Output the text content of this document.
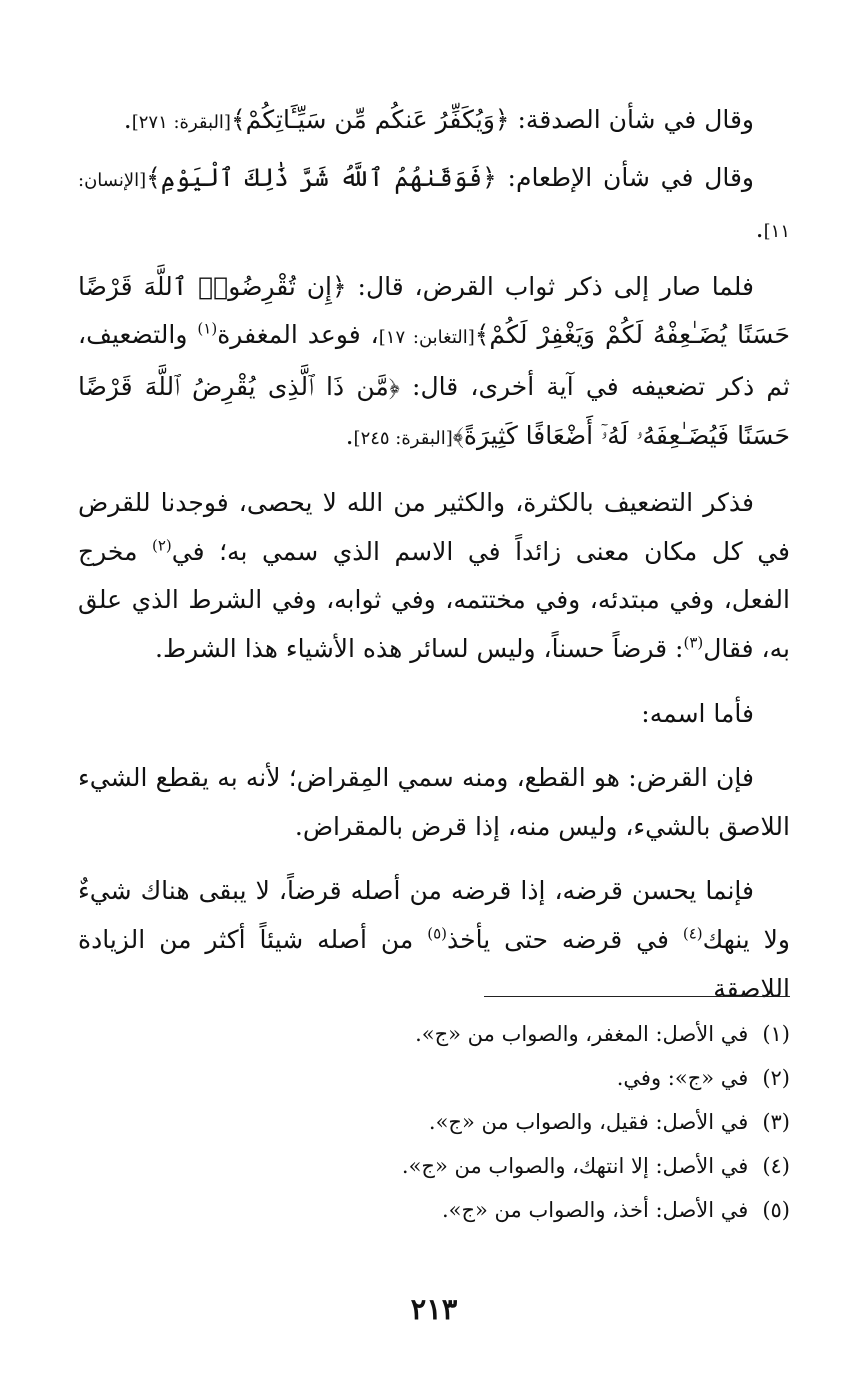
وقال في شأن الصدقة: ﴿وَيُكَفِّرُ عَنكُم مِّن سَيِّـَٔاتِكُمْ﴾[البقرة: ٢٧١].

وقال في شأن الإطعام: ﴿فَوَقَىٰهُمُ ٱللَّهُ شَرَّ ذَٰلِكَ ٱلْيَوْمِ﴾[الإنسان: ١١].

فلما صار إلى ذكر ثواب القرض، قال: ﴿إِن تُقْرِضُوا۟ ٱللَّهَ قَرْضًا حَسَنًا يُضَـٰعِفْهُ لَكُمْ وَيَغْفِرْ لَكُمْ﴾[التغابن: ١٧]، فوعد المغفرة$^{(١)}$ والتضعيف، ثم ذكر تضعيفه في آية أخرى، قال: ﴿مَّن ذَا ٱلَّذِى يُقْرِضُ ٱللَّهَ قَرْضًا حَسَنًا فَيُضَـٰعِفَهُۥ لَهُۥٓ أَضْعَافًا كَثِيرَةً﴾[البقرة: ٢٤٥].

فذكر التضعيف بالكثرة، والكثير من الله لا يحصى، فوجدنا للقرض في كل مكان معنى زائداً في الاسم الذي سمي به؛ في$^{(٢)}$ مخرج الفعل، وفي مبتدئه، وفي مختتمه، وفي ثوابه، وفي الشرط الذي علق به، فقال$^{(٣)}$: قرضاً حسناً، وليس لسائر هذه الأشياء هذا الشرط.

فأما اسمه:

فإن القرض: هو القطع، ومنه سمي المِقراض؛ لأنه به يقطع الشيء اللاصق بالشيء، وليس منه، إذا قرض بالمقراض.

فإنما يحسن قرضه، إذا قرضه من أصله قرضاً، لا يبقى هناك شيءٌ ولا ينهك$^{(٤)}$ في قرضه حتى يأخذ$^{(٥)}$ من أصله شيئاً أكثر من الزيادة اللاصقة

(١)في الأصل: المغفر، والصواب من «ج».
(٢)في «ج»: وفي.
(٣)في الأصل: فقيل، والصواب من «ج».
(٤)في الأصل: إلا انتهك، والصواب من «ج».
(٥)في الأصل: أخذ، والصواب من «ج».
٢١٣
